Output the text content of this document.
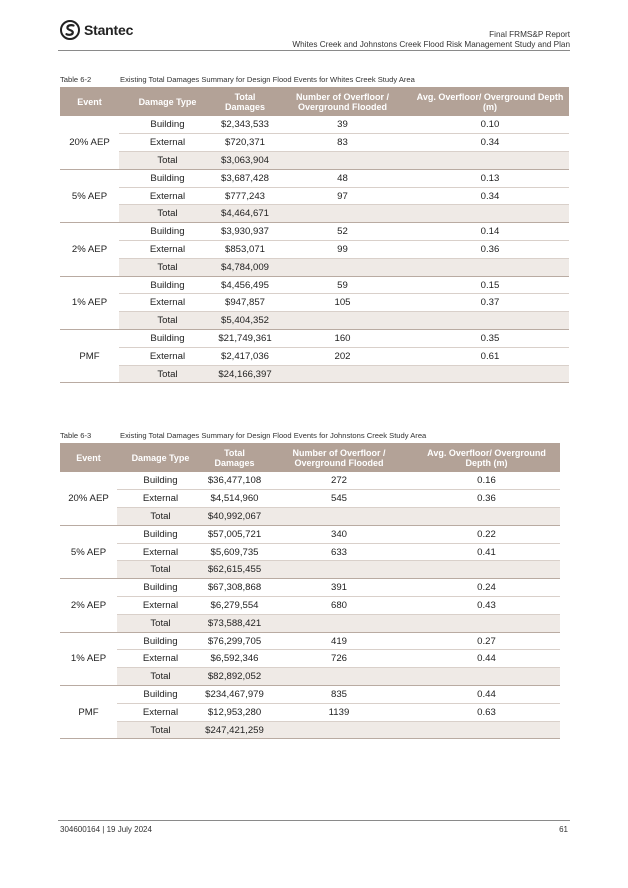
Stantec	Final FRMS&P Report
Whites Creek and Johnstons Creek Flood Risk Management Study and Plan
Table 6-2	Existing Total Damages Summary for Design Flood Events for Whites Creek Study Area
Event	Damage Type	Total Damages	Number of Overfloor / Overground Flooded	Avg. Overfloor/ Overground Depth (m)
20% AEP	Building	$2,343,533	39	0.10
	External	$720,371	83	0.34
	Total	$3,063,904		
5% AEP	Building	$3,687,428	48	0.13
	External	$777,243	97	0.34
	Total	$4,464,671		
2% AEP	Building	$3,930,937	52	0.14
	External	$853,071	99	0.36
	Total	$4,784,009		
1% AEP	Building	$4,456,495	59	0.15
	External	$947,857	105	0.37
	Total	$5,404,352		
PMF	Building	$21,749,361	160	0.35
	External	$2,417,036	202	0.61
	Total	$24,166,397		
Table 6-3	Existing Total Damages Summary for Design Flood Events for Johnstons Creek Study Area
Event	Damage Type	Total Damages	Number of Overfloor / Overground Flooded	Avg. Overfloor/ Overground Depth (m)
20% AEP	Building	$36,477,108	272	0.16
	External	$4,514,960	545	0.36
	Total	$40,992,067		
5% AEP	Building	$57,005,721	340	0.22
	External	$5,609,735	633	0.41
	Total	$62,615,455		
2% AEP	Building	$67,308,868	391	0.24
	External	$6,279,554	680	0.43
	Total	$73,588,421		
1% AEP	Building	$76,299,705	419	0.27
	External	$6,592,346	726	0.44
	Total	$82,892,052		
PMF	Building	$234,467,979	835	0.44
	External	$12,953,280	1139	0.63
	Total	$247,421,259		
304600164 | 19 July 2024	61
